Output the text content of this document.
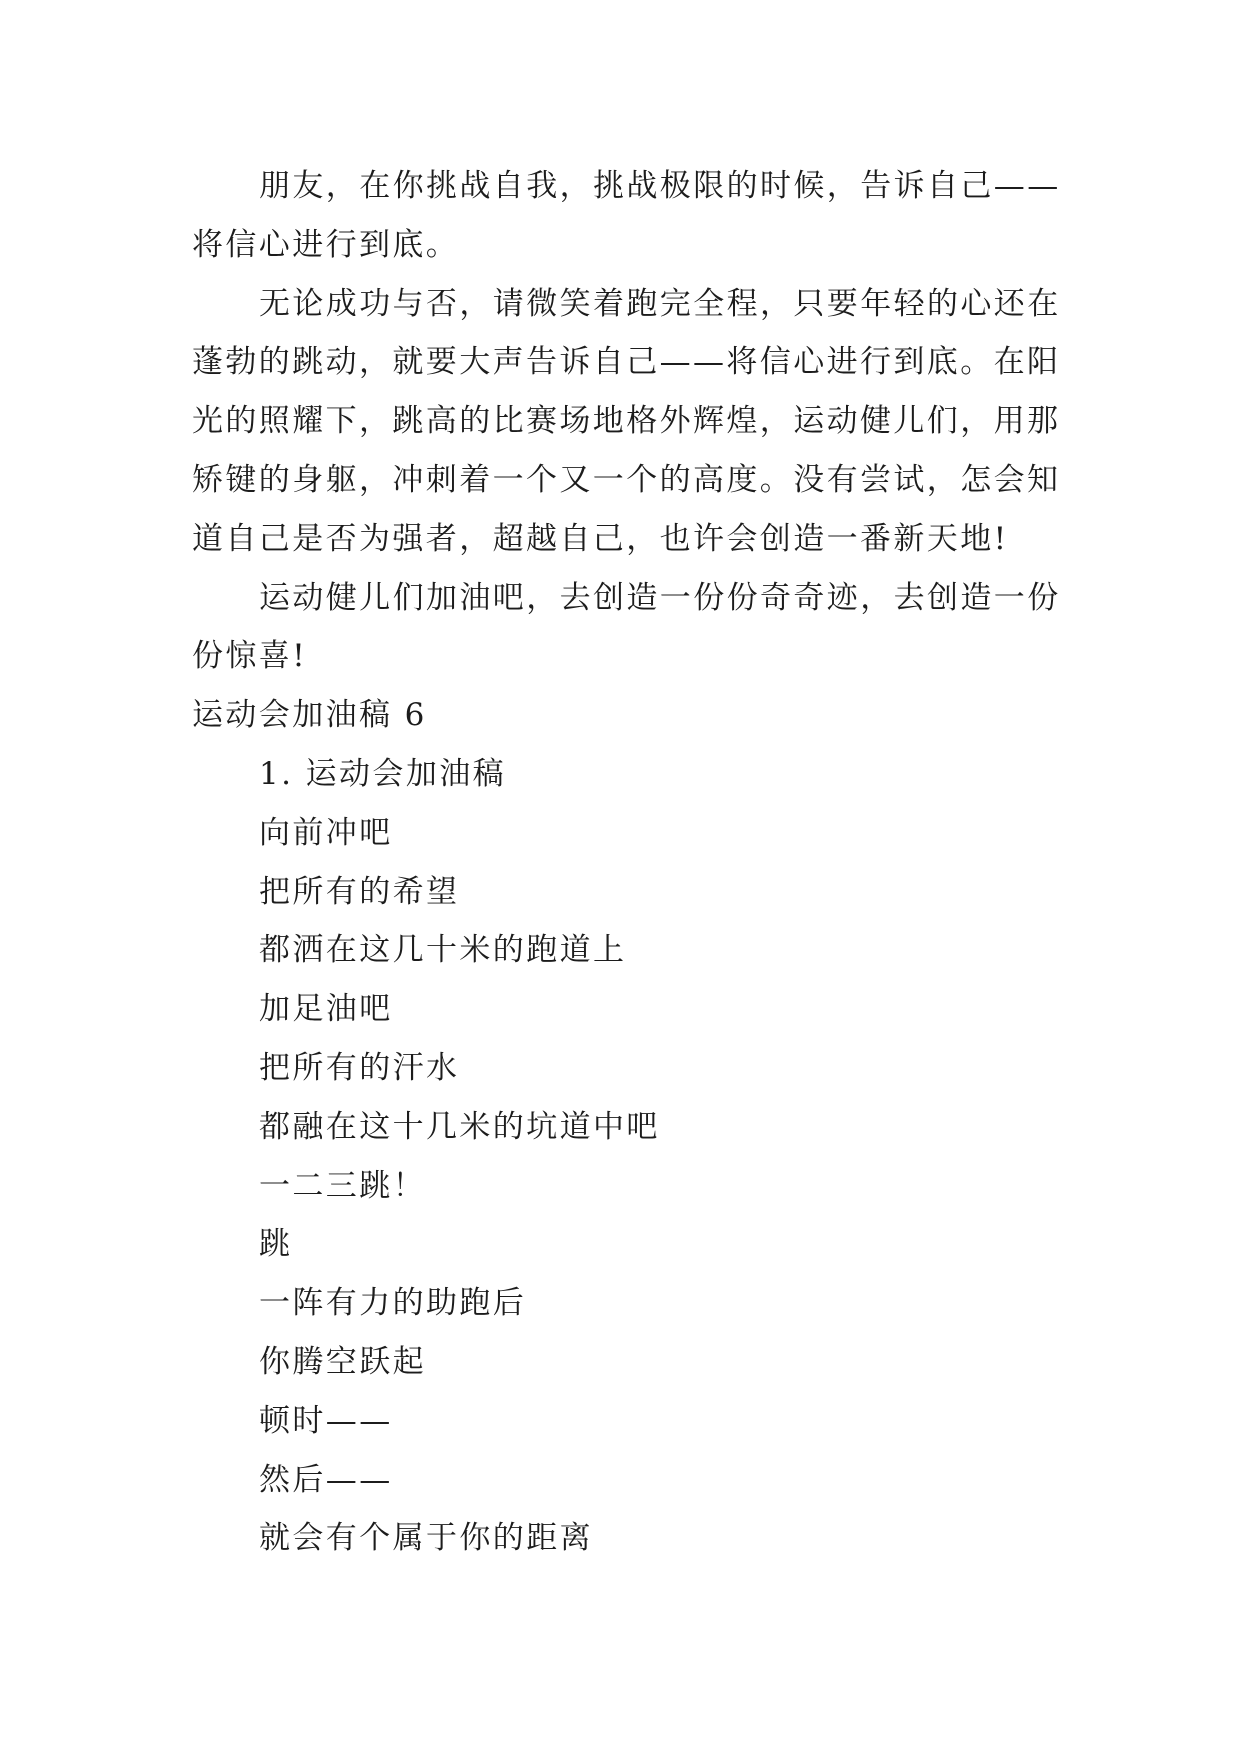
朋友，在你挑战自我，挑战极限的时候，告诉自己——
将信心进行到底。
无论成功与否，请微笑着跑完全程，只要年轻的心还在
蓬勃的跳动，就要大声告诉自己——将信心进行到底。在阳
光的照耀下，跳高的比赛场地格外辉煌，运动健儿们，用那
矫键的身躯，冲刺着一个又一个的高度。没有尝试，怎会知
道自己是否为强者，超越自己，也许会创造一番新天地!
运动健儿们加油吧，去创造一份份奇奇迹，去创造一份
份惊喜!
运动会加油稿 6
1. 运动会加油稿
向前冲吧
把所有的希望
都洒在这几十米的跑道上
加足油吧
把所有的汗水
都融在这十几米的坑道中吧
一二三跳！
跳
一阵有力的助跑后
你腾空跃起
顿时——
然后——
就会有个属于你的距离
